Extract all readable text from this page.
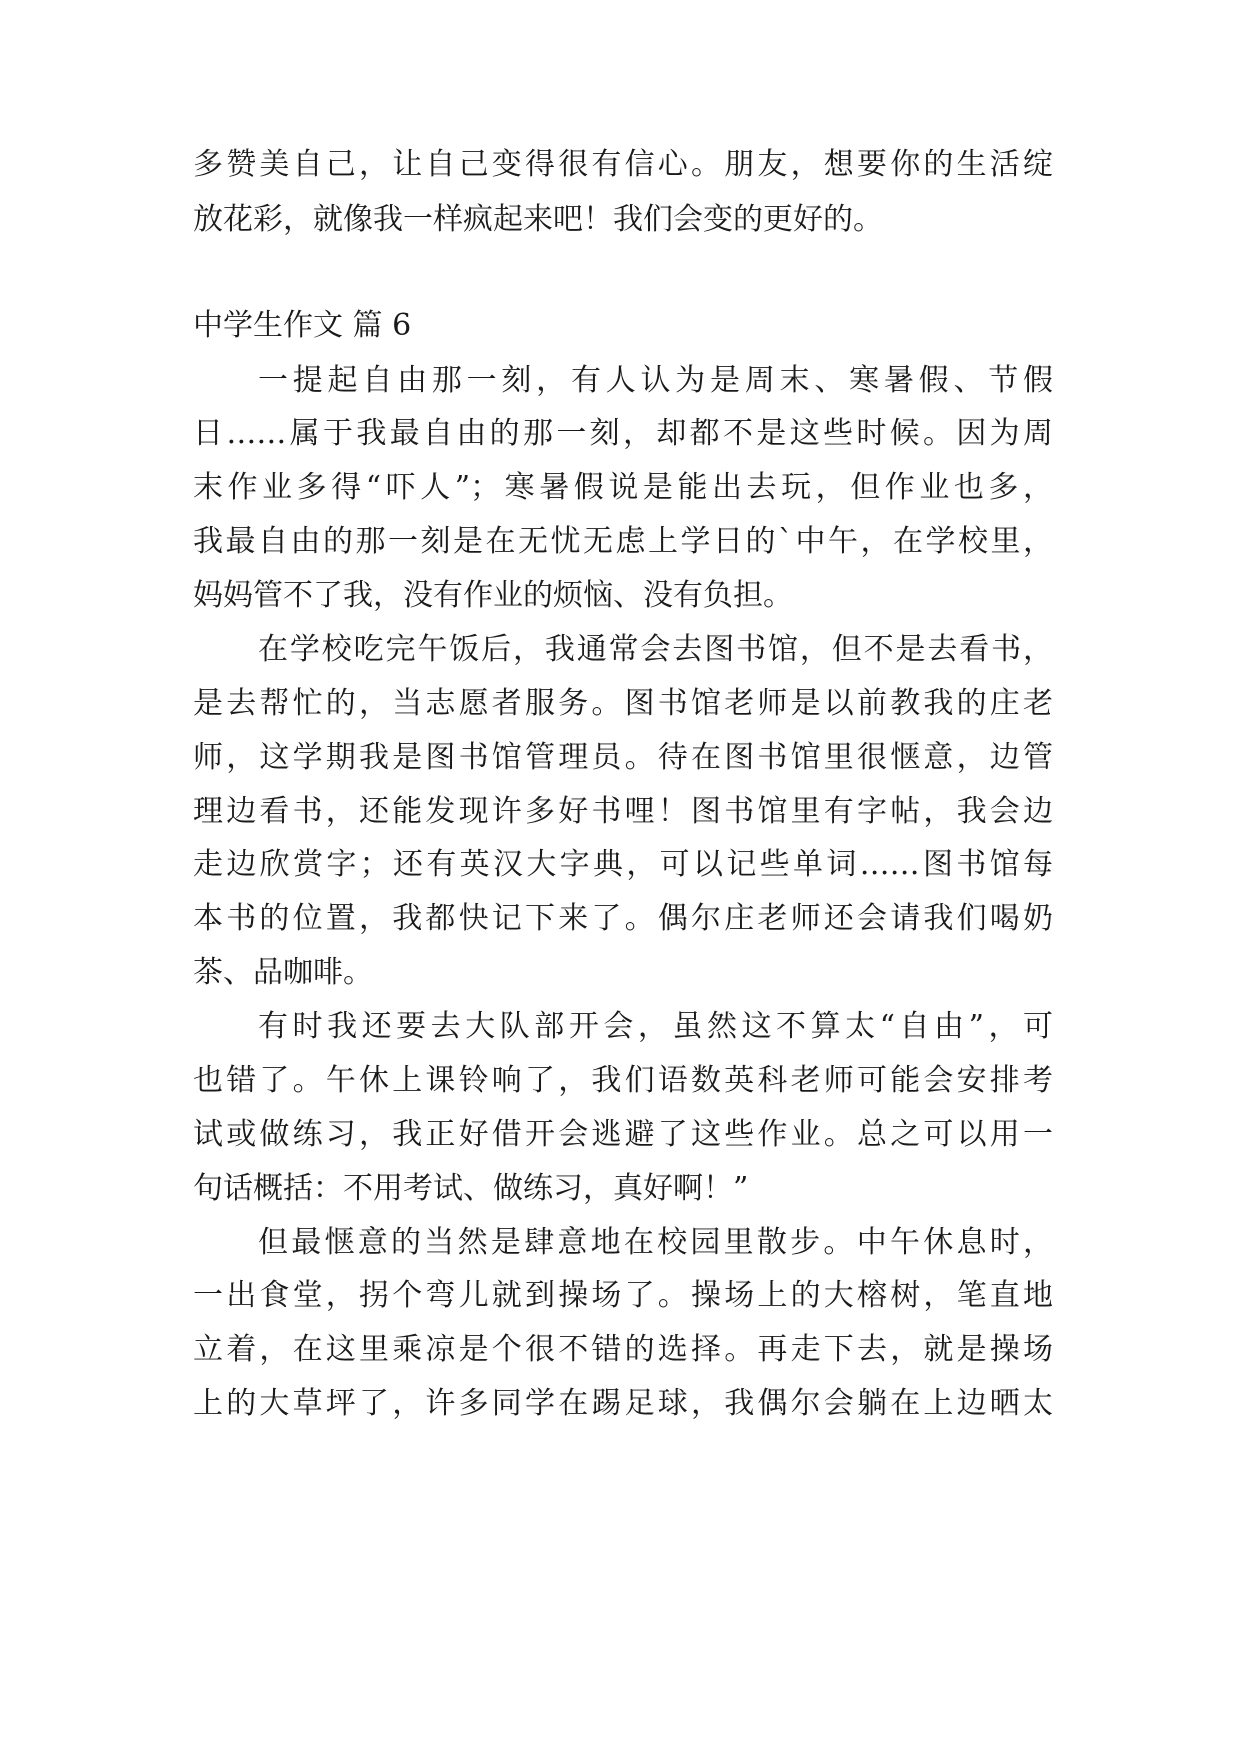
多赞美自己，让自己变得很有信心。朋友，想要你的生活绽

放花彩，就像我一样疯起来吧！我们会变的更好的。

中学生作文 篇 6

一提起自由那一刻，有人认为是周末、寒暑假、节假

日……属于我最自由的那一刻，却都不是这些时候。因为周

末作业多得“吓人”；寒暑假说是能出去玩，但作业也多，

我最自由的那一刻是在无忧无虑上学日的`中午，在学校里，

妈妈管不了我，没有作业的烦恼、没有负担。

在学校吃完午饭后，我通常会去图书馆，但不是去看书，

是去帮忙的，当志愿者服务。图书馆老师是以前教我的庄老

师，这学期我是图书馆管理员。待在图书馆里很惬意，边管

理边看书，还能发现许多好书哩！图书馆里有字帖，我会边

走边欣赏字；还有英汉大字典，可以记些单词……图书馆每

本书的位置，我都快记下来了。偶尔庄老师还会请我们喝奶

茶、品咖啡。

有时我还要去大队部开会，虽然这不算太“自由”，可

也错了。午休上课铃响了，我们语数英科老师可能会安排考

试或做练习，我正好借开会逃避了这些作业。总之可以用一

句话概括：不用考试、做练习，真好啊！”

但最惬意的当然是肆意地在校园里散步。中午休息时，

一出食堂，拐个弯儿就到操场了。操场上的大榕树，笔直地

立着，在这里乘凉是个很不错的选择。再走下去，就是操场

上的大草坪了，许多同学在踢足球，我偶尔会躺在上边晒太
